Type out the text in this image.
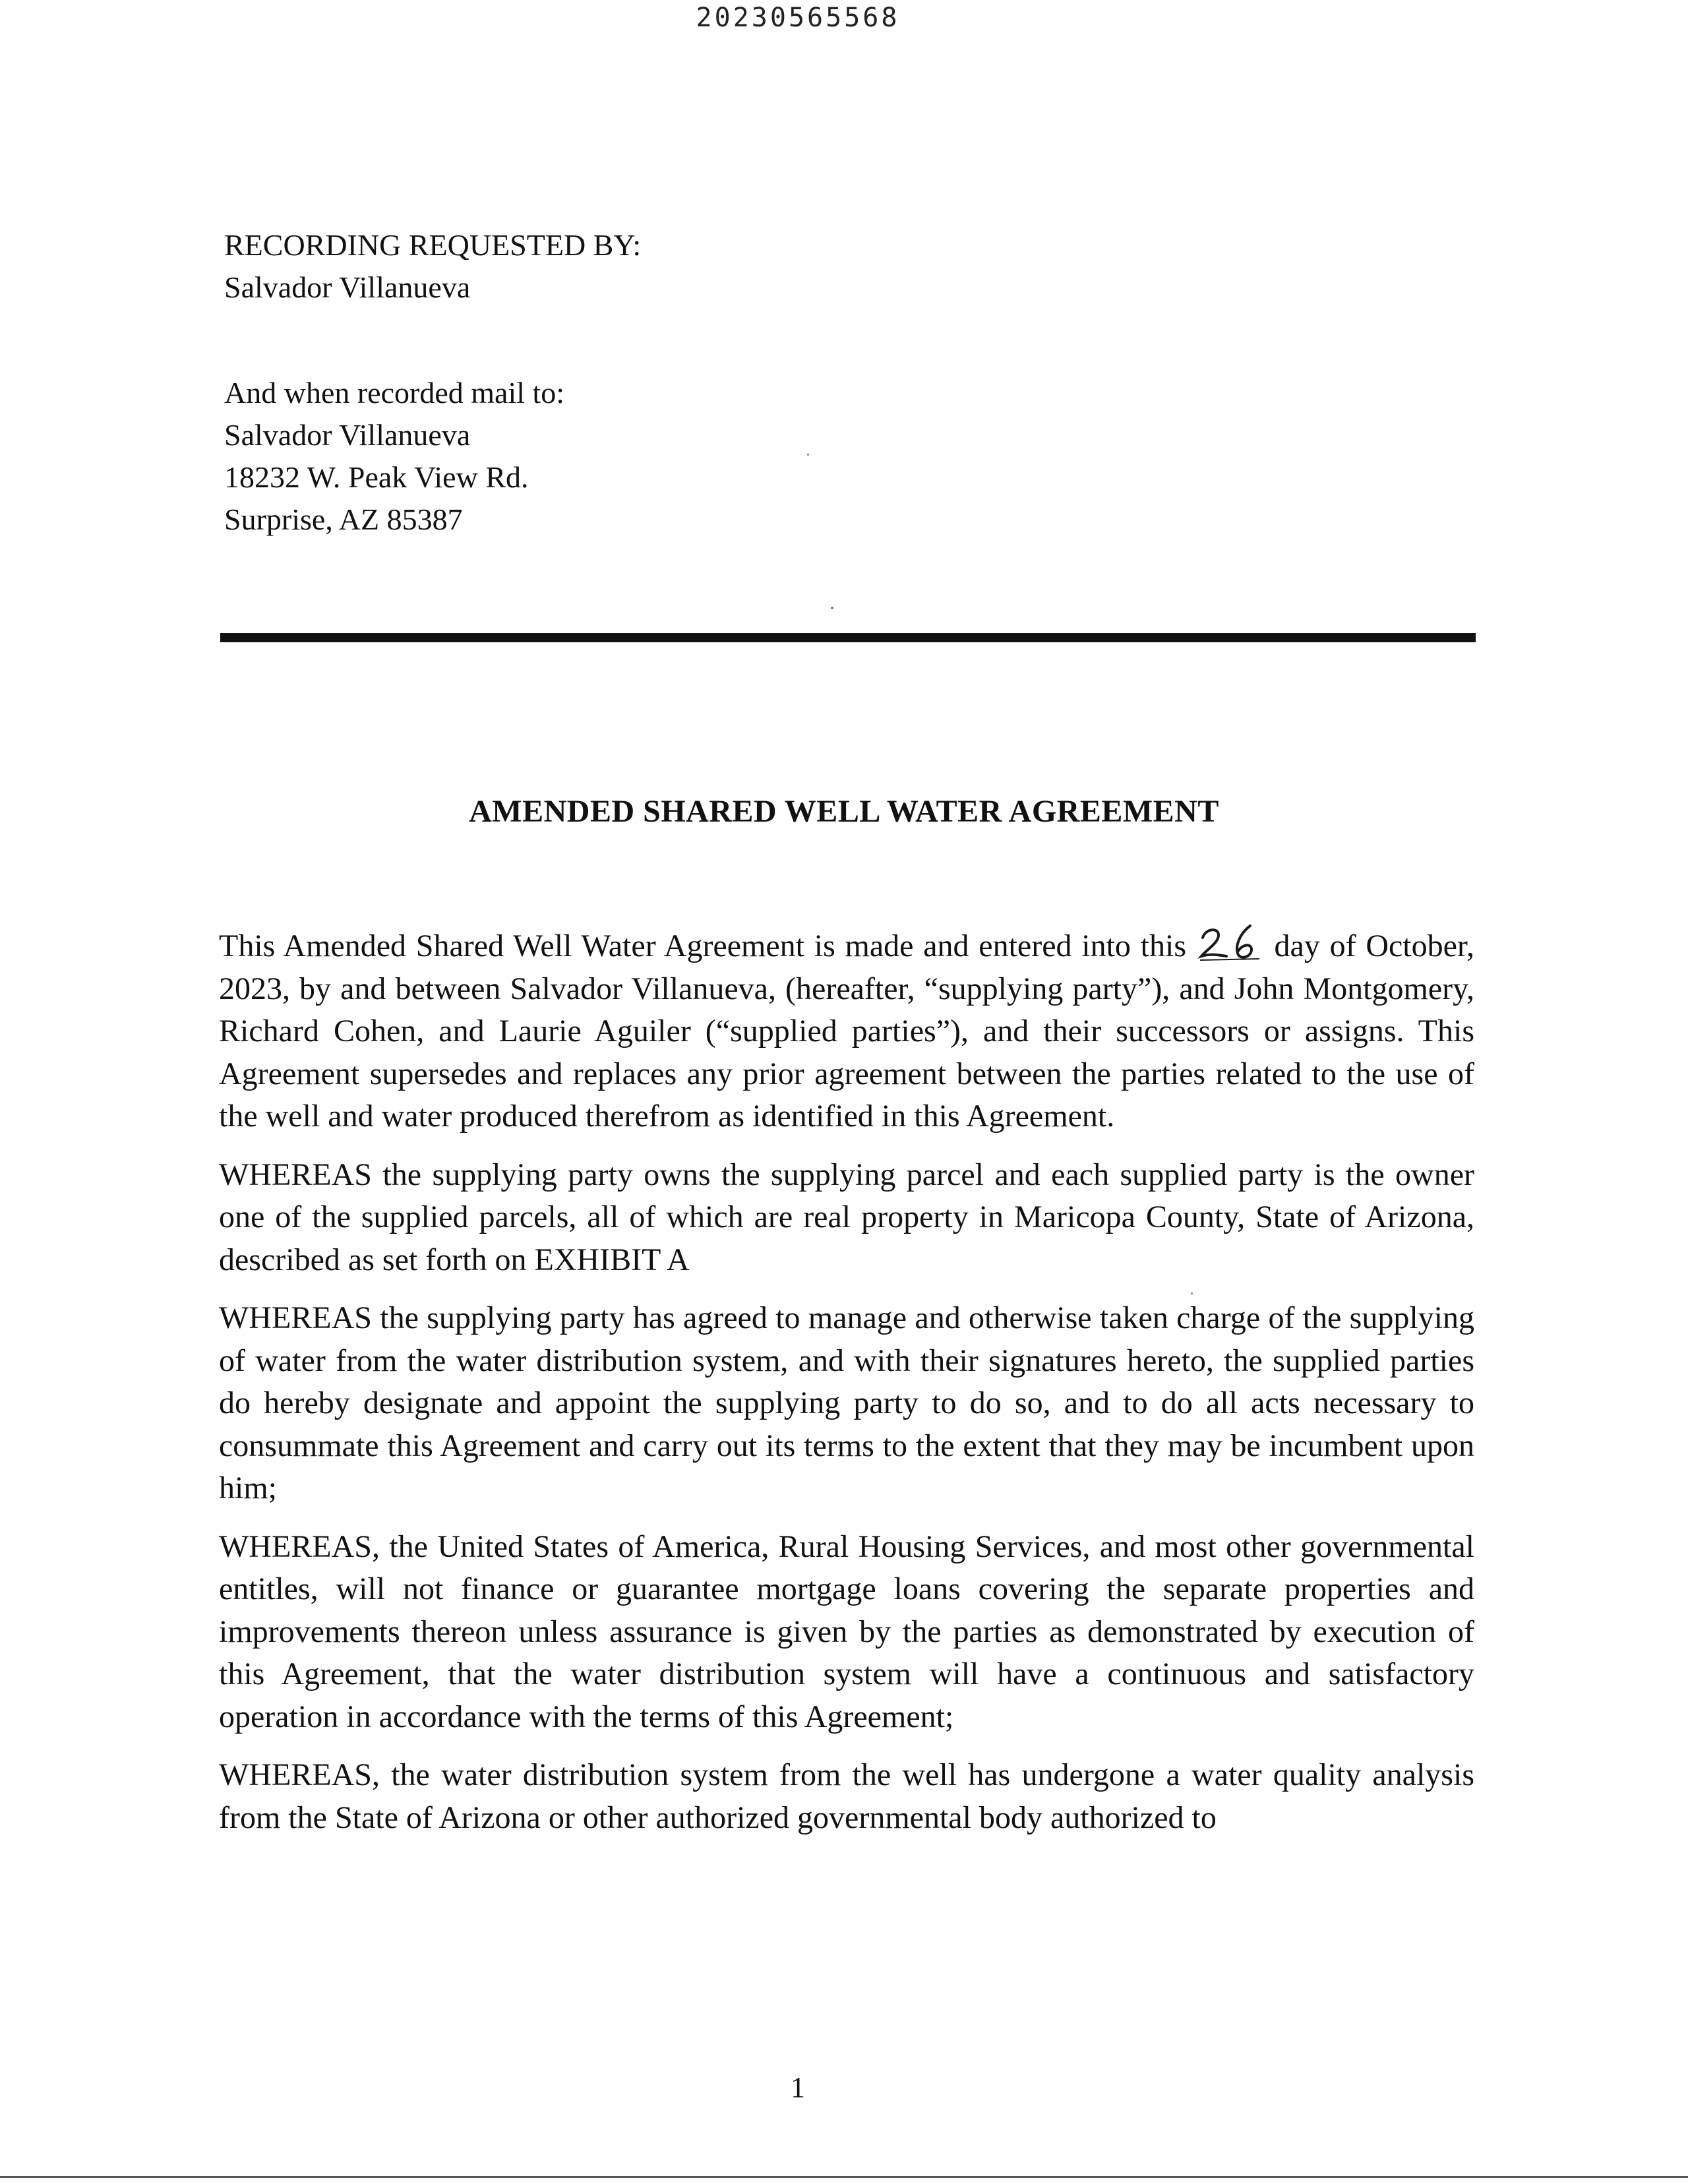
20230565568
RECORDING REQUESTED BY:
Salvador Villanueva
And when recorded mail to:
Salvador Villanueva
18232 W. Peak View Rd.
Surprise, AZ 85387
AMENDED SHARED WELL WATER AGREEMENT

This Amended Shared Well Water Agreement is made and entered into this	day of October, 2023, by and between Salvador Villanueva, (hereafter, “supplying party”), and John Montgomery, Richard Cohen, and Laurie Aguiler (“supplied parties”), and their successors or assigns. This Agreement supersedes and replaces any prior agreement between the parties related to the use of the well and water produced therefrom as identified in this Agreement.

WHEREAS the supplying party owns the supplying parcel and each supplied party is the owner one of the supplied parcels, all of which are real property in Maricopa County, State of Arizona, described as set forth on EXHIBIT A

WHEREAS the supplying party has agreed to manage and otherwise taken charge of the supplying of water from the water distribution system, and with their signatures hereto, the supplied parties do hereby designate and appoint the supplying party to do so, and to do all acts necessary to consummate this Agreement and carry out its terms to the extent that they may be incumbent upon him;

WHEREAS, the United States of America, Rural Housing Services, and most other governmental entitles, will not finance or guarantee mortgage loans covering the separate properties and improvements thereon unless assurance is given by the parties as demonstrated by execution of this Agreement, that the water distribution system will have a continuous and satisfactory operation in accordance with the terms of this Agreement;

WHEREAS, the water distribution system from the well has undergone a water quality analysis from the State of Arizona or other authorized governmental body authorized to

1
